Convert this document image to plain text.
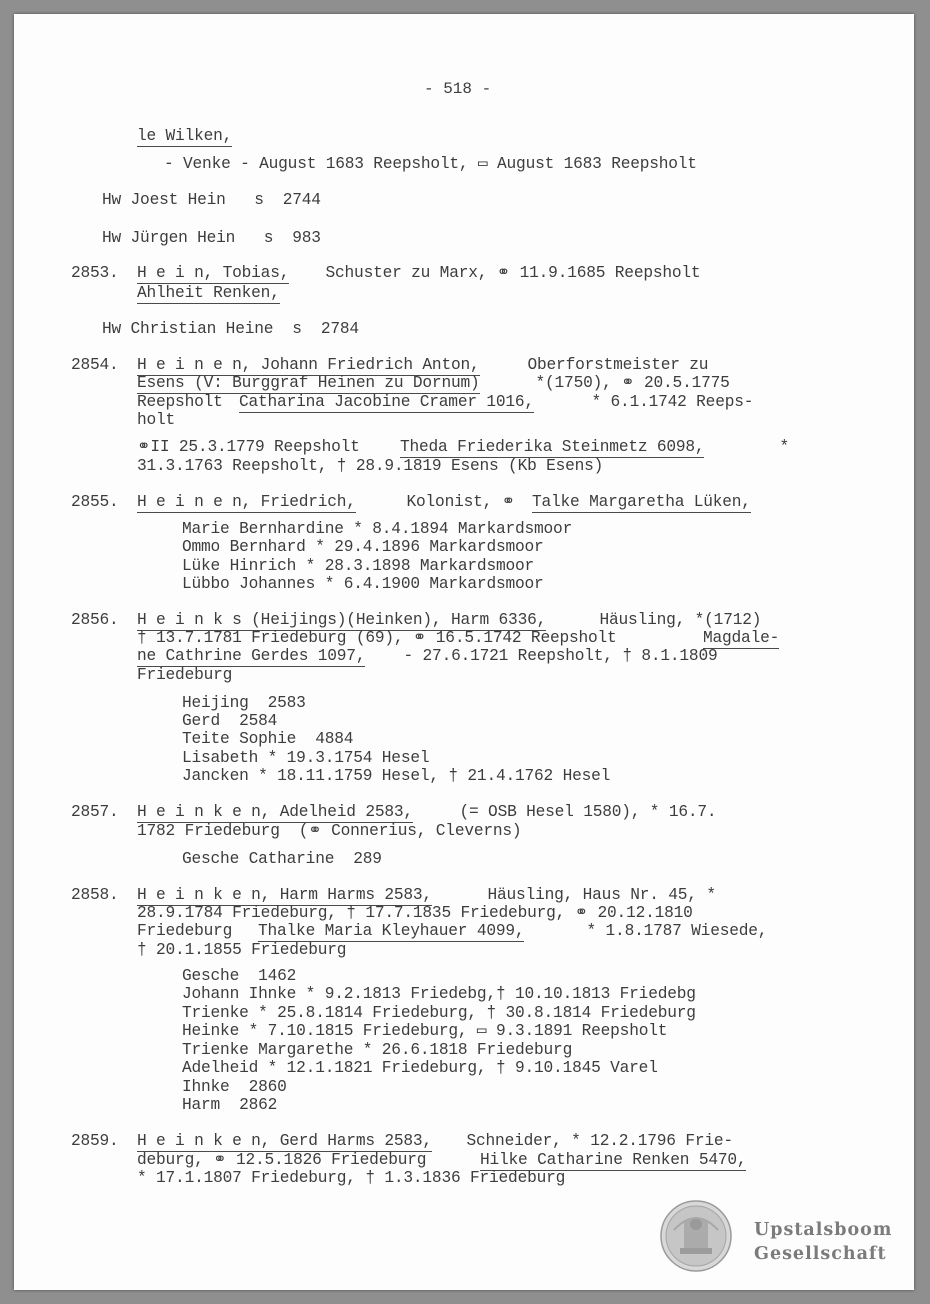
- 518 -
le Wilken,
- Venke - August 1683 Reepsholt, ▭ August 1683 Reepsholt
Hw Joest Hein   s  2744
Hw Jürgen Hein   s  983
2853. H e i n, Tobias, Schuster zu Marx, ⚭ 11.9.1685 Reepsholt
Ahlheit Renken,
Hw Christian Heine  s  2784
2854. H e i n e n, Johann Friedrich Anton, Oberforstmeister zu
Esens (V: Burggraf Heinen zu Dornum)	*(1750), ⚭ 20.5.1775
Reepsholt Catharina Jacobine Cramer 1016,	* 6.1.1742 Reeps-
holt
⚭II 25.3.1779 Reepsholt Theda Friederika Steinmetz 6098,	*
31.3.1763 Reepsholt, † 28.9.1819 Esens (Kb Esens)
2855. H e i n e n, Friedrich,	Kolonist, ⚭ Talke Margaretha Lüken,
Marie Bernhardine * 8.4.1894 Markardsmoor
Ommo Bernhard * 29.4.1896 Markardsmoor
Lüke Hinrich * 28.3.1898 Markardsmoor
Lübbo Johannes * 6.4.1900 Markardsmoor
2856. H e i n k s (Heijings)(Heinken), Harm 6336,	Häusling, *(1712)
† 13.7.1781 Friedeburg (69), ⚭ 16.5.1742 Reepsholt	Magdale-
ne Cathrine Gerdes 1097, - 27.6.1721 Reepsholt, † 8.1.1809
Friedeburg
Heijing  2583
Gerd  2584
Teite Sophie  4884
Lisabeth * 19.3.1754 Hesel
Jancken * 18.11.1759 Hesel, † 21.4.1762 Hesel
2857. H e i n k e n, Adelheid 2583, (= OSB Hesel 1580), * 16.7.
1782 Friedeburg  (⚭ Connerius, Cleverns)
Gesche Catharine  289
2858. H e i n k e n, Harm Harms 2583,	Häusling, Haus Nr. 45, *
28.9.1784 Friedeburg, † 17.7.1835 Friedeburg, ⚭ 20.12.1810
Friedeburg Thalke Maria Kleyhauer 4099,	* 1.8.1787 Wiesede,
† 20.1.1855 Friedeburg
Gesche  1462
Johann Ihnke * 9.2.1813 Friedebg,† 10.10.1813 Friedebg
Trienke * 25.8.1814 Friedeburg, † 30.8.1814 Friedeburg
Heinke * 7.10.1815 Friedeburg, ▭ 9.3.1891 Reepsholt
Trienke Margarethe * 26.6.1818 Friedeburg
Adelheid * 12.1.1821 Friedeburg, † 9.10.1845 Varel
Ihnke  2860
Harm  2862
2859. H e i n k e n, Gerd Harms 2583, Schneider, * 12.2.1796 Frie-
deburg, ⚭ 12.5.1826 Friedeburg	Hilke Catharine Renken 5470,
* 17.1.1807 Friedeburg, † 1.3.1836 Friedeburg
Upstalsboom
Gesellschaft
